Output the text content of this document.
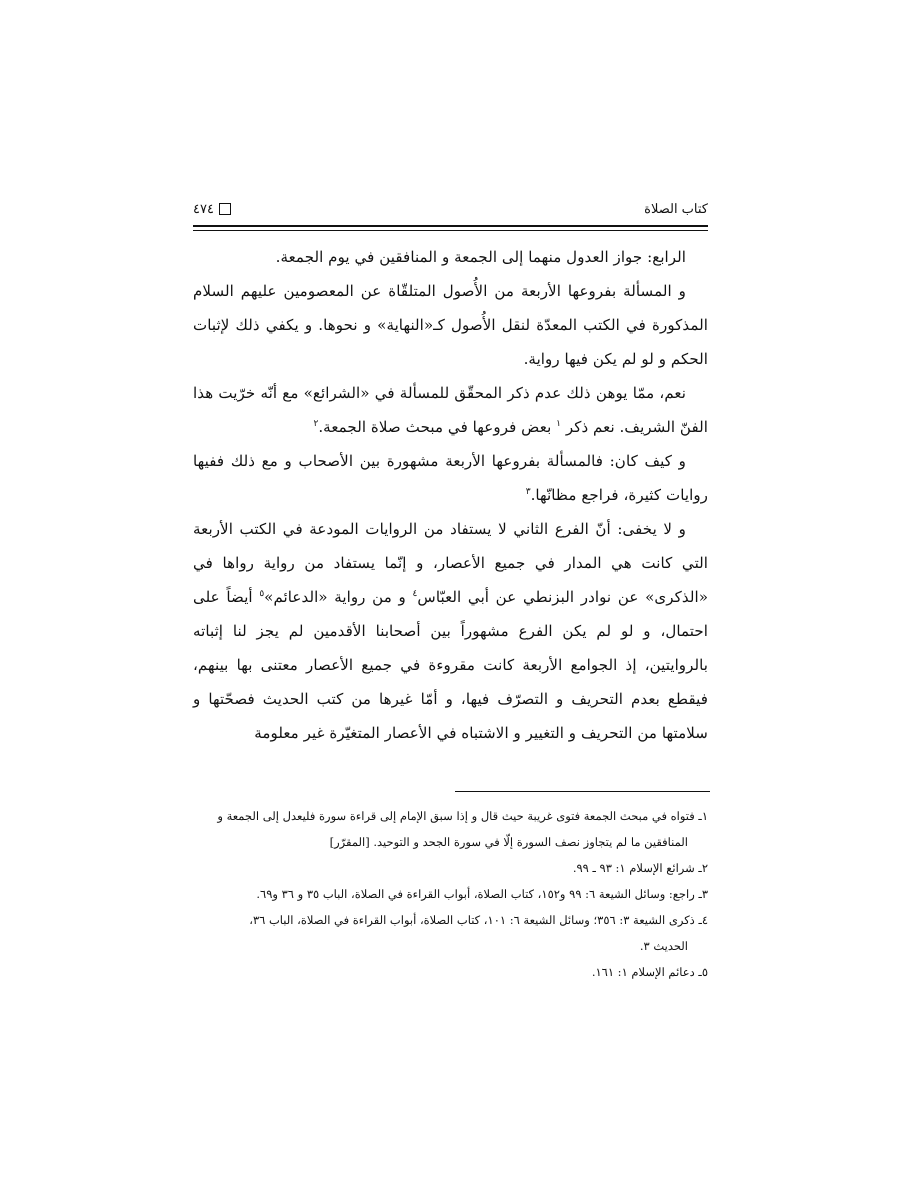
٤٧٤	كتاب الصلاة

الرابع: جواز العدول منهما إلى الجمعة و المنافقين في يوم الجمعة.

و المسألة بفروعها الأربعة من الأُصول المتلقّاة عن المعصومين عليهم السلام المذكورة في الكتب المعدّة لنقل الأُصول كـ«النهاية» و نحوها. و يكفي ذلك لإثبات الحكم و لو لم يكن فيها رواية.

نعم، ممّا يوهن ذلك عدم ذكر المحقّق للمسألة في «الشرائع» مع أنّه خرّيت هذا الفنّ الشريف. نعم ذكر $^١$ بعض فروعها في مبحث صلاة الجمعة.$^٢$

و كيف كان: فالمسألة بفروعها الأربعة مشهورة بين الأصحاب و مع ذلك ففيها روايات كثيرة، فراجع مظانّها.$^٣$

و لا يخفى: أنّ الفرع الثاني لا يستفاد من الروايات المودعة في الكتب الأربعة التي كانت هي المدار في جميع الأعصار، و إنّما يستفاد من رواية رواها في «الذكرى» عن نوادر البزنطي عن أبي العبّاس$^٤$ و من رواية «الدعائم»$^٥$ أيضاً على احتمال، و لو لم يكن الفرع مشهوراً بين أصحابنا الأقدمين لم يجز لنا إثباته بالروايتين، إذ الجوامع الأربعة كانت مقروءة في جميع الأعصار معتنى بها بينهم، فيقطع بعدم التحريف و التصرّف فيها، و أمّا غيرها من كتب الحديث فصحّتها و سلامتها من التحريف و التغيير و الاشتباه في الأعصار المتغيّرة غير معلومة

١ـ فتواه في مبحث الجمعة فتوى غريبة حيث قال و إذا سبق الإمام إلى قراءة سورة فليعدل إلى الجمعة و
المنافقين ما لم يتجاوز نصف السورة إلّا في سورة الجحد و التوحيد. [المقرّر]
٢ـ شرائع الإسلام ١: ٩٣ ـ ٩٩.
٣ـ راجع: وسائل الشيعة ٦: ٩٩ و١٥٢، كتاب الصلاة، أبواب القراءة في الصلاة، الباب ٣٥ و ٣٦ و٦٩.
٤ـ ذكرى الشيعة ٣: ٣٥٦؛ وسائل الشيعة ٦: ١٠١، كتاب الصلاة، أبواب القراءة في الصلاة، الباب ٣٦،
الحديث ٣.
٥ـ دعائم الإسلام ١: ١٦١.
